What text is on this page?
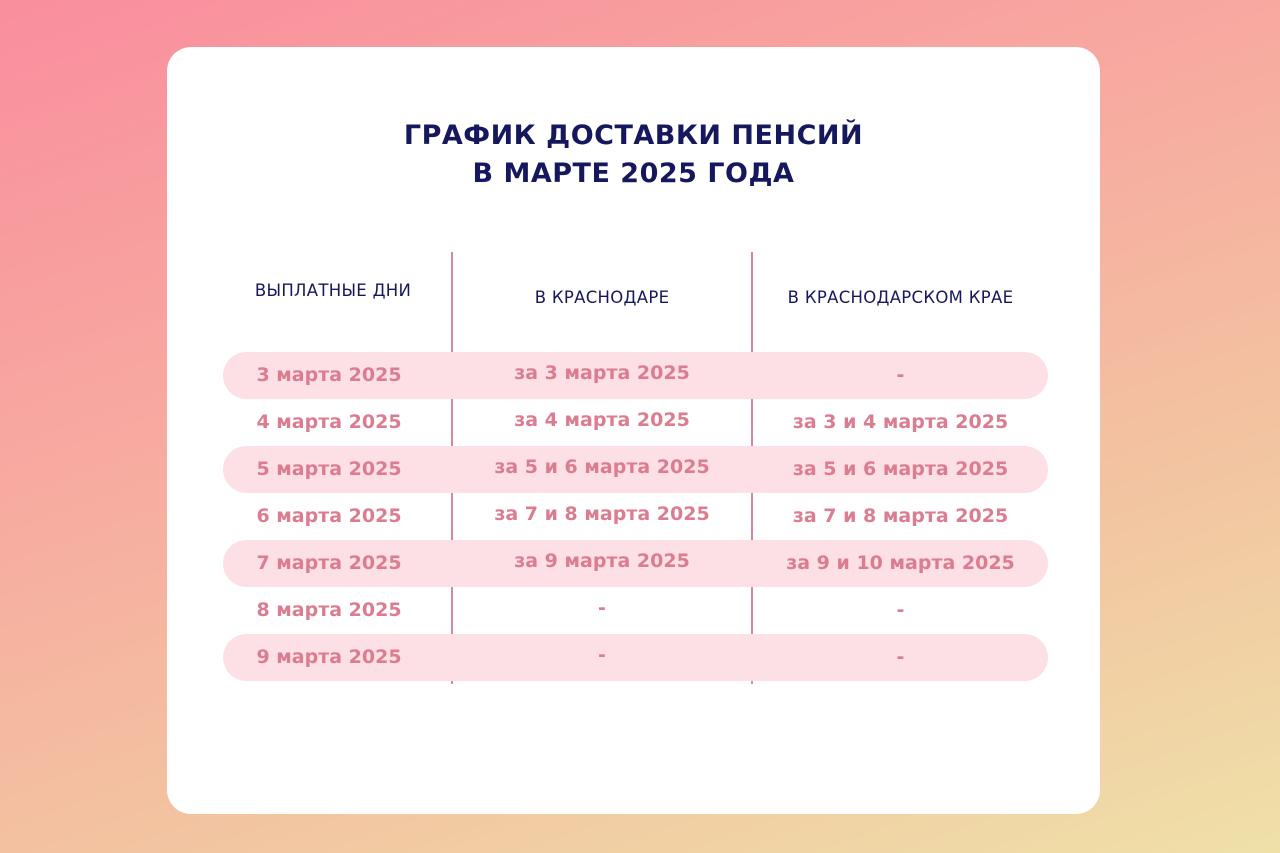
ГРАФИК ДОСТАВКИ ПЕНСИЙ
В МАРТЕ 2025 ГОДА
ВЫПЛАТНЫЕ ДНИ	В КРАСНОДАРЕ	В КРАСНОДАРСКОМ КРАЕ
3 марта 2025	за 3 марта 2025	-
4 марта 2025	за 4 марта 2025	за 3 и 4 марта 2025
5 марта 2025	за 5 и 6 марта 2025	за 5 и 6 марта 2025
6 марта 2025	за 7 и 8 марта 2025	за 7 и 8 марта 2025
7 марта 2025	за 9 марта 2025	за 9 и 10 марта 2025
8 марта 2025	-	-
9 марта 2025	-	-
